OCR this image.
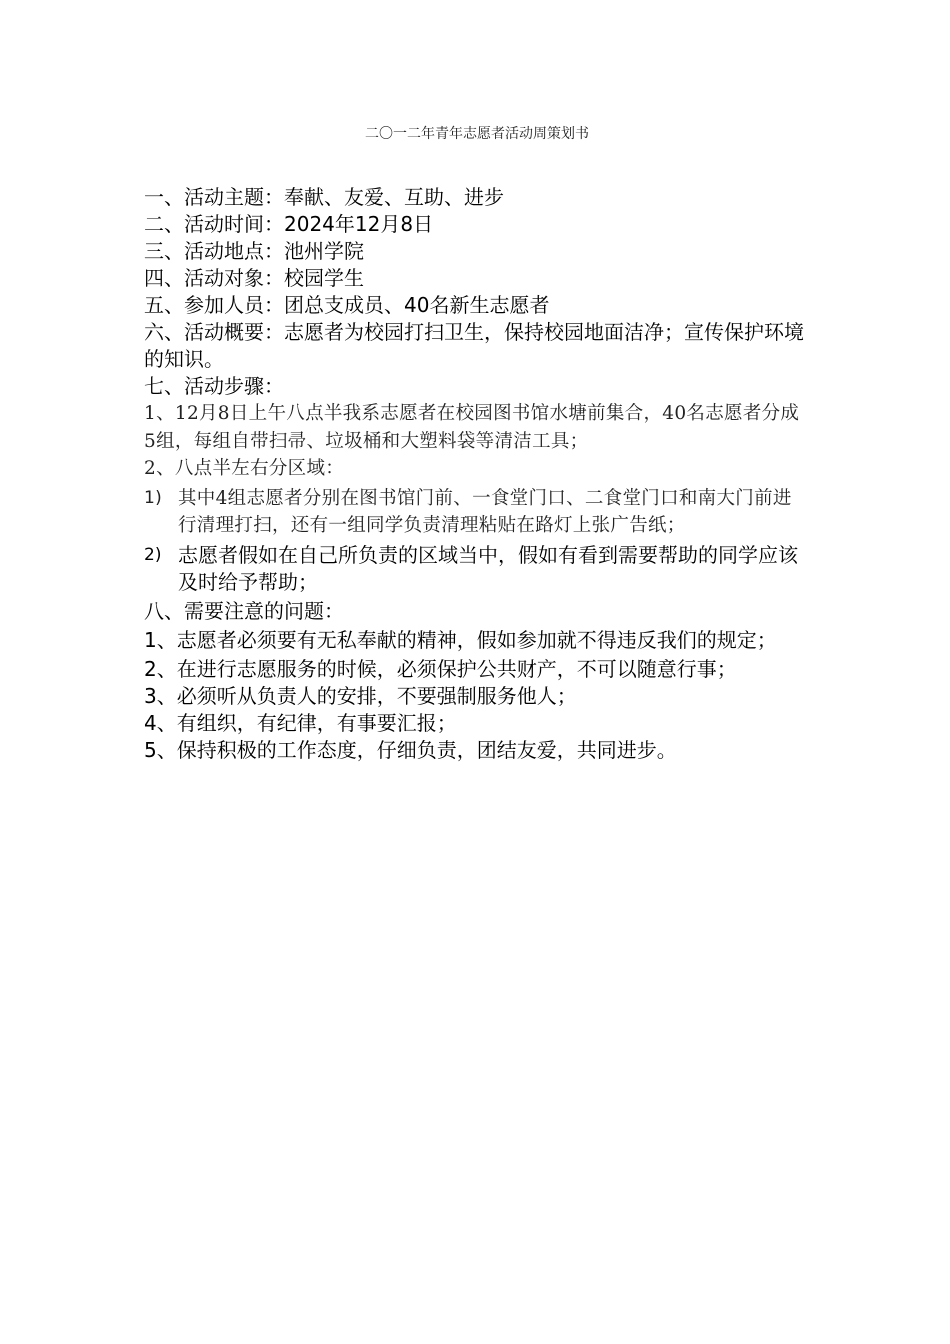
二〇一二年青年志愿者活动周策划书

一、活动主题：奉献、友爱、互助、进步

二、活动时间：2024年12月8日

三、活动地点：池州学院

四、活动对象：校园学生

五、参加人员：团总支成员、40名新生志愿者

六、活动概要：志愿者为校园打扫卫生，保持校园地面洁净；宣传保护环境的知识。

七、活动步骤：

1、12月8日上午八点半我系志愿者在校园图书馆水塘前集合，40名志愿者分成5组，每组自带扫帚、垃圾桶和大塑料袋等清洁工具；

2、八点半左右分区域：

1) 其中4组志愿者分别在图书馆门前、一食堂门口、二食堂门口和南大门前进行清理打扫，还有一组同学负责清理粘贴在路灯上张广告纸；
2) 志愿者假如在自己所负责的区域当中，假如有看到需要帮助的同学应该及时给予帮助；

八、需要注意的问题：

1、志愿者必须要有无私奉献的精神，假如参加就不得违反我们的规定；

2、在进行志愿服务的时候，必须保护公共财产，不可以随意行事；

3、必须听从负责人的安排，不要强制服务他人；

4、有组织，有纪律，有事要汇报；

5、保持积极的工作态度，仔细负责，团结友爱，共同进步。
